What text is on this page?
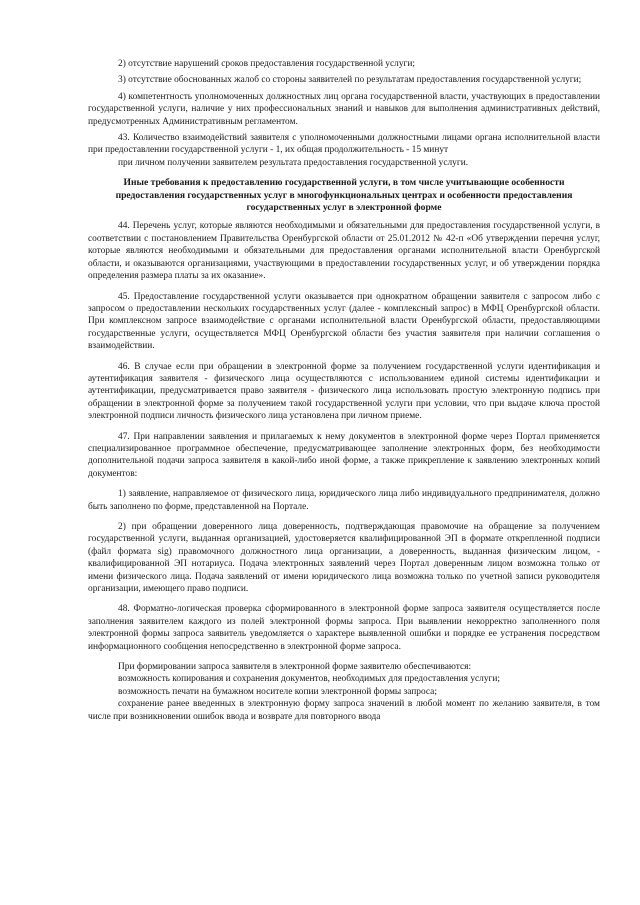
2) отсутствие нарушений сроков предоставления государственной услуги;

3) отсутствие обоснованных жалоб со стороны заявителей по результатам предоставления государственной услуги;

4) компетентность уполномоченных должностных лиц органа государственной власти, участвующих в предоставлении государственной услуги, наличие у них профессиональных знаний и навыков для выполнения административных действий, предусмотренных Административным регламентом.

43. Количество взаимодействий заявителя с уполномоченными должностными лицами органа исполнительной власти при предоставлении государственной услуги - 1, их общая продолжительность - 15 минут

при личном получении заявителем результата предоставления государственной услуги.

Иные требования к предоставлению государственной услуги, в том числе учитывающие особенности предоставления государственных услуг в многофункциональных центрах и особенности предоставления государственных услуг в электронной форме

44. Перечень услуг, которые являются необходимыми и обязательными для предоставления государственной услуги, в соответствии с постановлением Правительства Оренбургской области от 25.01.2012 № 42-п «Об утверждении перечня услуг, которые являются необходимыми и обязательными для предоставления органами исполнительной власти Оренбургской области, и оказываются организациями, участвующими в предоставлении государственных услуг, и об утверждении порядка определения размера платы за их оказание».

45. Предоставление государственной услуги оказывается при однократном обращении заявителя с запросом либо с запросом о предоставлении нескольких государственных услуг (далее - комплексный запрос) в МФЦ Оренбургской области. При комплексном запросе взаимодействие с органами исполнительной власти Оренбургской области, предоставляющими государственные услуги, осуществляется МФЦ Оренбургской области без участия заявителя при наличии соглашения о взаимодействии.

46. В случае если при обращении в электронной форме за получением государственной услуги идентификация и аутентификация заявителя - физического лица осуществляются с использованием единой системы идентификации и аутентификации, предусматривается право заявителя - физического лица использовать простую электронную подпись при обращении в электронной форме за получением такой государственной услуги при условии, что при выдаче ключа простой электронной подписи личность физического лица установлена при личном приеме.

47. При направлении заявления и прилагаемых к нему документов в электронной форме через Портал применяется специализированное программное обеспечение, предусматривающее заполнение электронных форм, без необходимости дополнительной подачи запроса заявителя в какой-либо иной форме, а также прикрепление к заявлению электронных копий документов:

1) заявление, направляемое от физического лица, юридического лица либо индивидуального предпринимателя, должно быть заполнено по форме, представленной на Портале.

2) при обращении доверенного лица доверенность, подтверждающая правомочие на обращение за получением государственной услуги, выданная организацией, удостоверяется квалифицированной ЭП в формате открепленной подписи (файл формата sig) правомочного должностного лица организации, а доверенность, выданная физическим лицом, - квалифицированной ЭП нотариуса. Подача электронных заявлений через Портал доверенным лицом возможна только от имени физического лица. Подача заявлений от имени юридического лица возможна только по учетной записи руководителя организации, имеющего право подписи.

48. Форматно-логическая проверка сформированного в электронной форме запроса заявителя осуществляется после заполнения заявителем каждого из полей электронной формы запроса. При выявлении некорректно заполненного поля электронной формы запроса заявитель уведомляется о характере выявленной ошибки и порядке ее устранения посредством информационного сообщения непосредственно в электронной форме запроса.

При формировании запроса заявителя в электронной форме заявителю обеспечиваются:

возможность копирования и сохранения документов, необходимых для предоставления услуги;

возможность печати на бумажном носителе копии электронной формы запроса;

сохранение ранее введенных в электронную форму запроса значений в любой момент по желанию заявителя, в том числе при возникновении ошибок ввода и возврате для повторного ввода
